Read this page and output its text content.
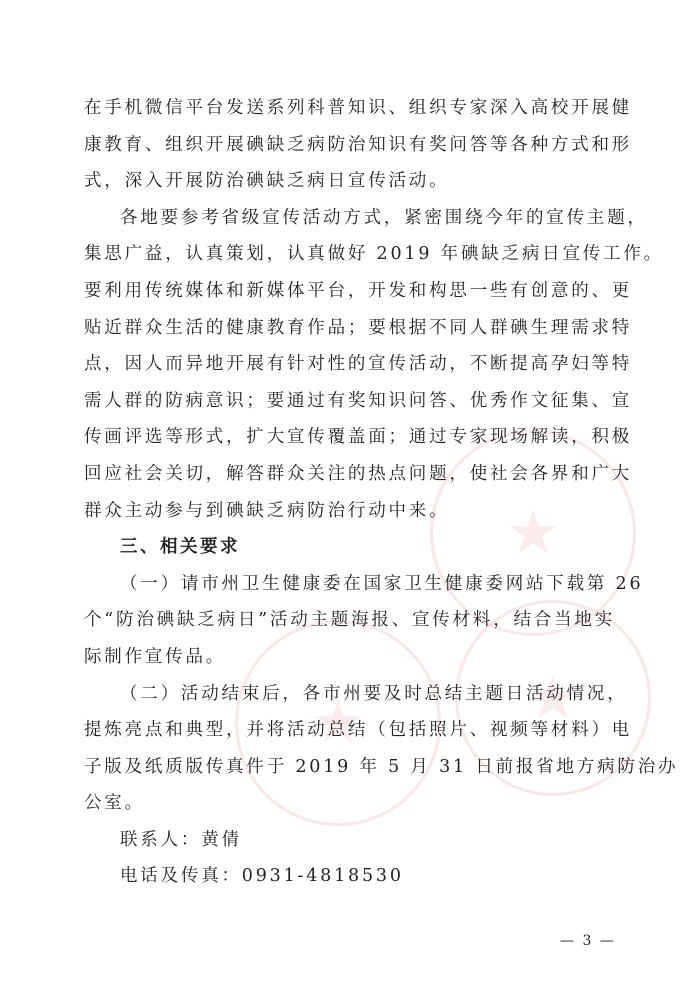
★
★	★
在手机微信平台发送系列科普知识、组织专家深入高校开展健
康教育、组织开展碘缺乏病防治知识有奖问答等各种方式和形
式，深入开展防治碘缺乏病日宣传活动。
各地要参考省级宣传活动方式，紧密围绕今年的宣传主题，
集思广益，认真策划，认真做好 2019 年碘缺乏病日宣传工作。
要利用传统媒体和新媒体平台，开发和构思一些有创意的、更
贴近群众生活的健康教育作品；要根据不同人群碘生理需求特
点，因人而异地开展有针对性的宣传活动，不断提高孕妇等特
需人群的防病意识；要通过有奖知识问答、优秀作文征集、宣
传画评选等形式，扩大宣传覆盖面；通过专家现场解读，积极
回应社会关切，解答群众关注的热点问题，使社会各界和广大
群众主动参与到碘缺乏病防治行动中来。
三、相关要求
（一）请市州卫生健康委在国家卫生健康委网站下载第 26
个“防治碘缺乏病日”活动主题海报、宣传材料，结合当地实
际制作宣传品。
（二）活动结束后，各市州要及时总结主题日活动情况，
提炼亮点和典型，并将活动总结（包括照片、视频等材料）电
子版及纸质版传真件于 2019 年 5 月 31 日前报省地方病防治办
公室。
联系人：黄倩
电话及传真：0931-4818530
— 3 —
